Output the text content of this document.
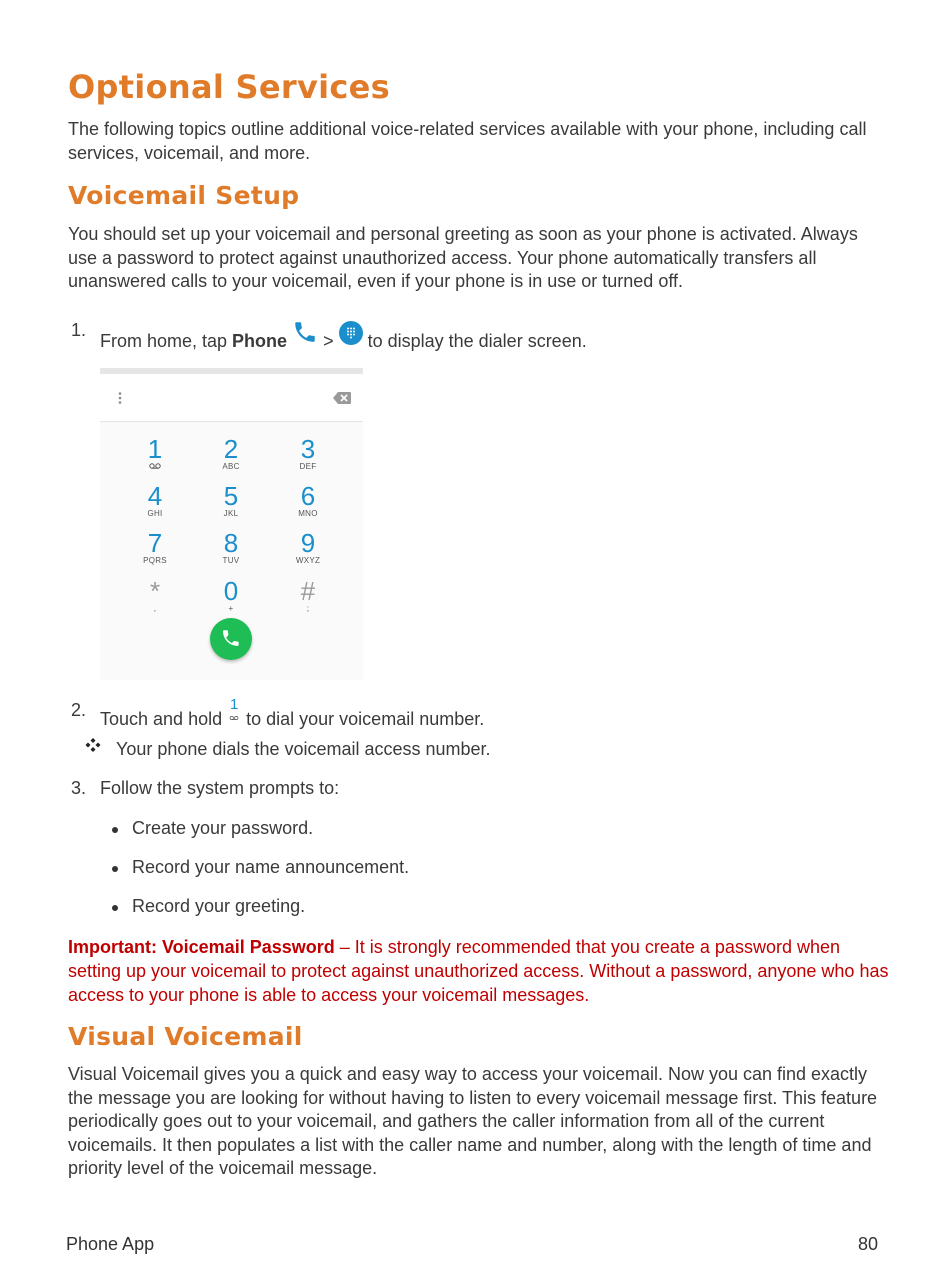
Optional Services
The following topics outline additional voice-related services available with your phone, including call services, voicemail, and more.
Voicemail Setup
You should set up your voicemail and personal greeting as soon as your phone is activated. Always use a password to protect against unauthorized access. Your phone automatically transfers all unanswered calls to your voicemail, even if your phone is in use or turned off.
1.
From home, tap Phone  >  to display the dialer screen.
1	2
ABC
3
DEF
4
GHI
5
JKL
6
MNO
7
PQRS
8
TUV
9
WXYZ
*
,
0
+
#
;
2. Touch and hold
1
to dial your voicemail number.
Your phone dials the voicemail access number.
3. Follow the system prompts to:
Create your password.
Record your name announcement.
Record your greeting.
Important: Voicemail Password – It is strongly recommended that you create a password when setting up your voicemail to protect against unauthorized access. Without a password, anyone who has access to your phone is able to access your voicemail messages.
Visual Voicemail
Visual Voicemail gives you a quick and easy way to access your voicemail. Now you can find exactly the message you are looking for without having to listen to every voicemail message first. This feature periodically goes out to your voicemail, and gathers the caller information from all of the current voicemails. It then populates a list with the caller name and number, along with the length of time and priority level of the voicemail message.
Phone App	80
